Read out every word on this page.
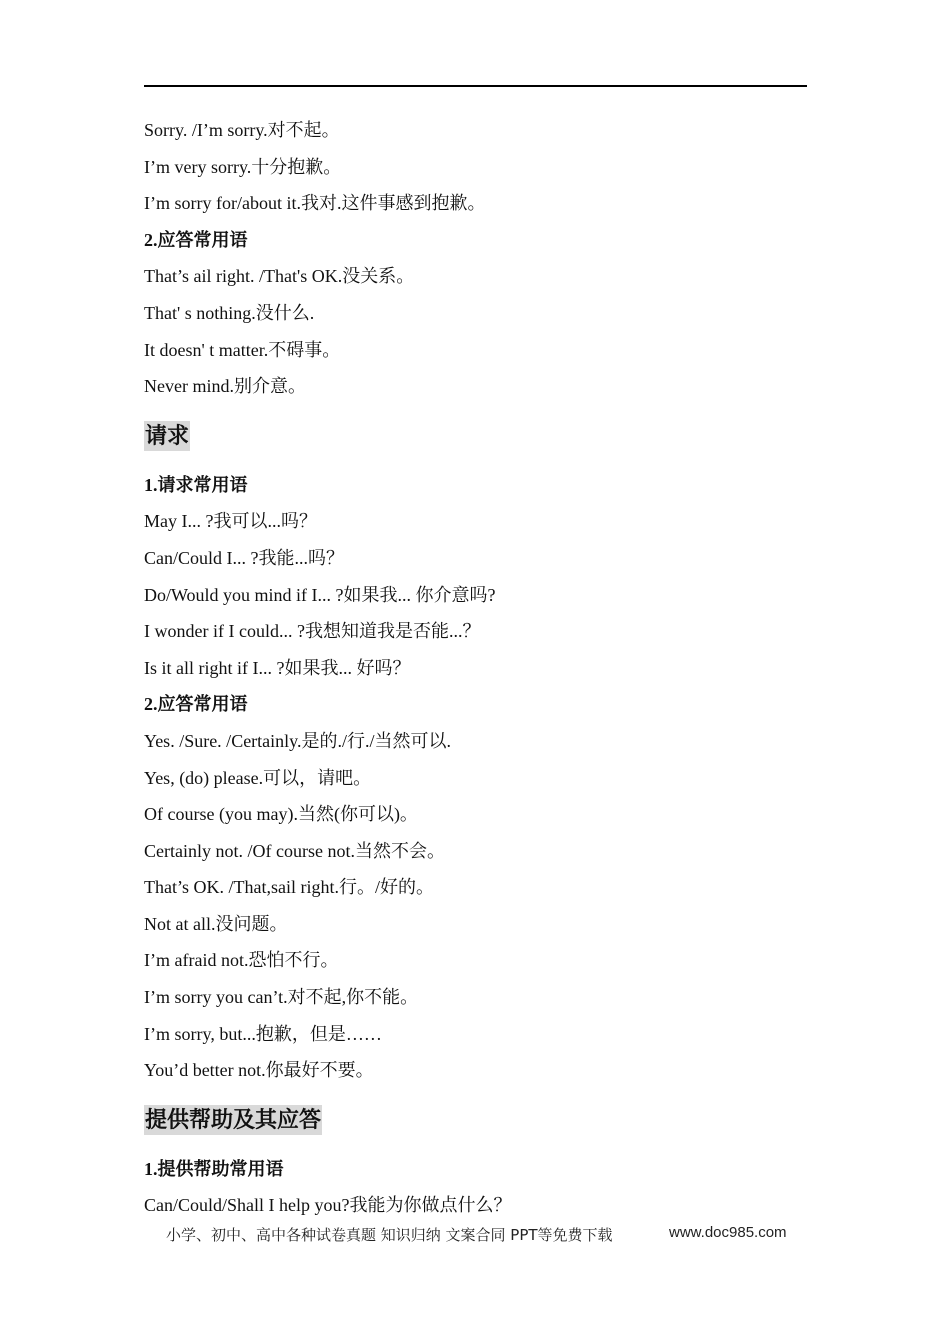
Sorry. /I’m sorry.对不起。
I’m very sorry.十分抱歉。
I’m sorry for/about it.我对.这件事感到抱歉。
2.应答常用语
That’s ail right. /That's OK.没关系。
That' s nothing.没什么.
It doesn' t matter.不碍事。
Never mind.别介意。
请求
1.请求常用语
May I... ?我可以...吗？
Can/Could I... ?我能...吗？
Do/Would you mind if I... ?如果我... 你介意吗?
I wonder if I could... ?我想知道我是否能...？
Is it all right if I... ?如果我... 好吗？
2.应答常用语
Yes. /Sure. /Certainly.是的./行./当然可以.
Yes, (do) please.可以，请吧。
Of course (you may).当然(你可以)。
Certainly not. /Of course not.当然不会。
That’s OK. /That,sail right.行。/好的。
Not at all.没问题。
I’m afraid not.恐怕不行。
I’m sorry you can’t.对不起,你不能。
I’m sorry, but...抱歉，但是……
You’d better not.你最好不要。
提供帮助及其应答
1.提供帮助常用语
Can/Could/Shall I help you?我能为你做点什么？
小学、初中、高中各种试卷真题 知识归纳 文案合同 PPT等免费下载	www.doc985.com
